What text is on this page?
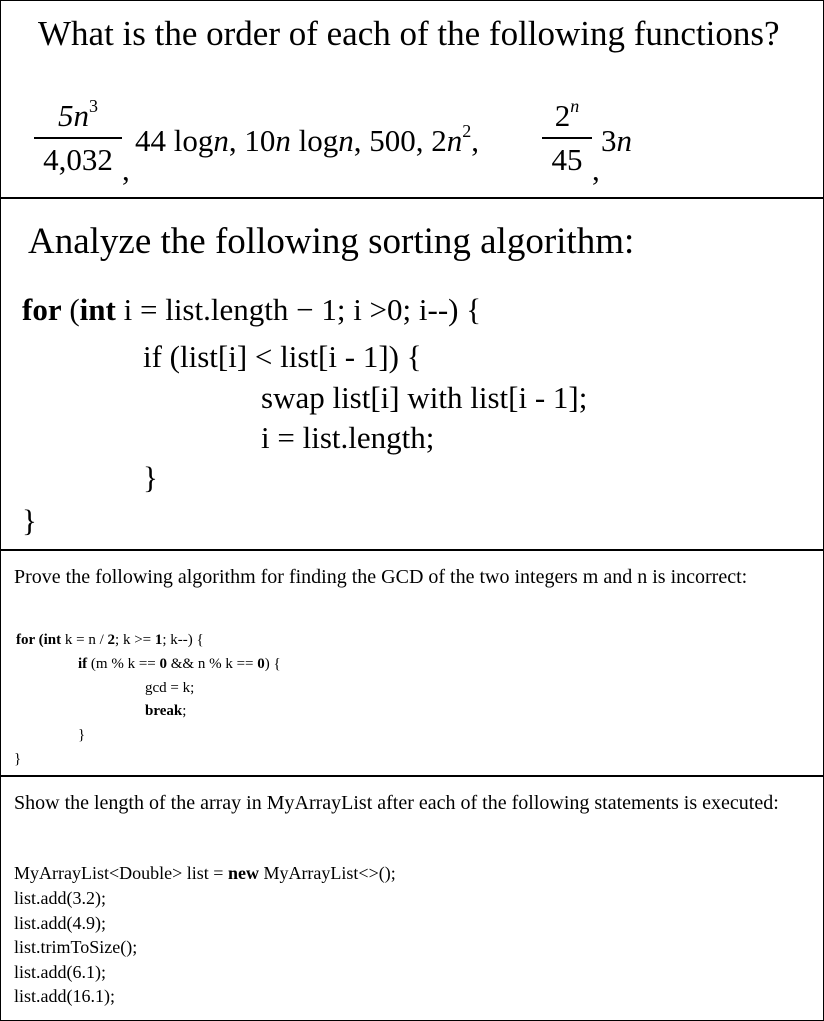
What is the order of each of the following functions?
$5n^3$
4,032 ,
44 logn, 10n logn, 500, $2n^2$,
2$^n$
45 ,
3n
Analyze the following sorting algorithm:
for (int i = list.length − 1; i >0; i--) {
if (list[i] < list[i - 1]) {
swap list[i] with list[i - 1];
i = list.length;
}
}
Prove the following algorithm for finding the GCD of the two integers m and n is incorrect:
for (int k = n / 2; k >= 1; k--) {
if (m % k == 0 && n % k == 0) {
gcd = k;
break;
}
}
Show the length of the array in MyArrayList after each of the following statements is executed:
MyArrayList<Double> list = new MyArrayList<>();
list.add(3.2);
list.add(4.9);
list.trimToSize();
list.add(6.1);
list.add(16.1);
